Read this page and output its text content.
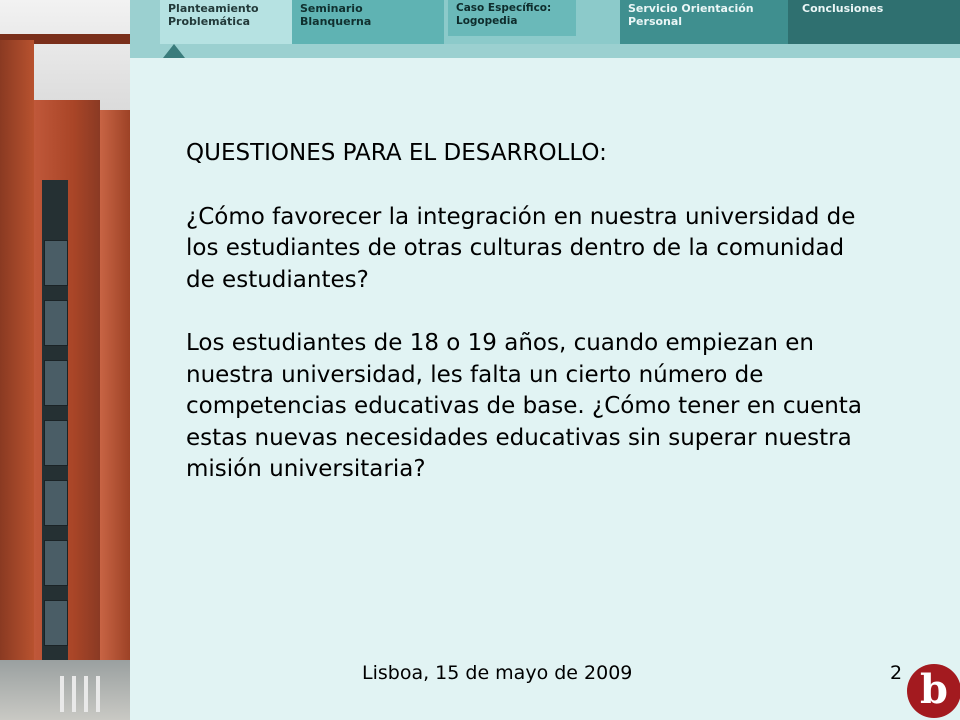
Planteamiento Problemática
Seminario Blanquerna
Caso Específico: Logopedia
Servicio Orientación Personal
Conclusiones

QUESTIONES PARA EL DESARROLLO:

¿Cómo favorecer la integración en nuestra universidad de los estudiantes de otras culturas dentro de la comunidad de estudiantes?

Los estudiantes de 18 o 19 años, cuando empiezan en nuestra universidad, les falta un cierto número de competencias educativas de base. ¿Cómo tener en cuenta estas nuevas necesidades educativas sin superar nuestra misión universitaria?

Lisboa, 15 de mayo de 2009	2 b
